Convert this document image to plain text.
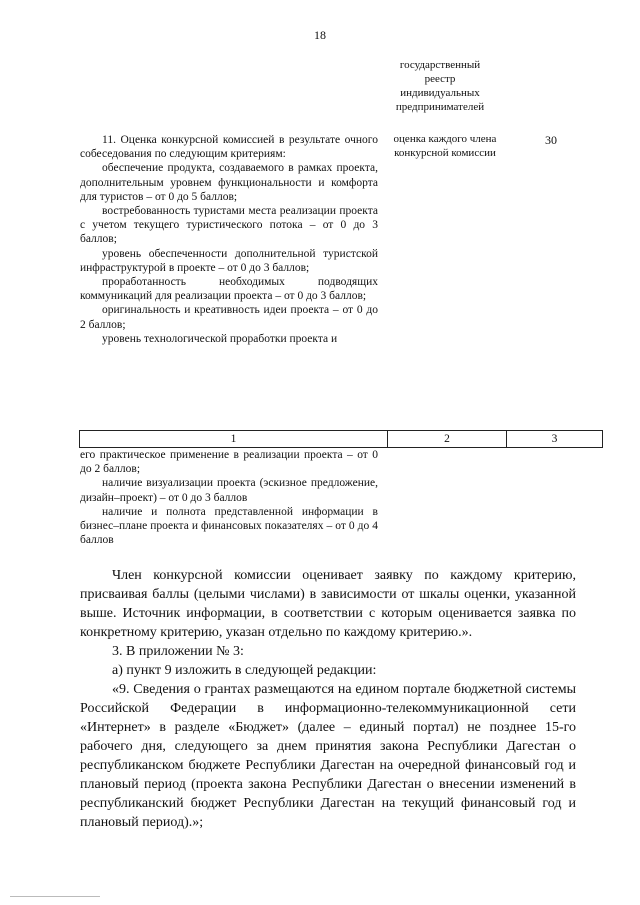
18
государственный
реестр
индивидуальных
предпринимателей

11. Оценка конкурсной комиссией в результате очного собеседования по следующим критериям:

обеспечение продукта, создаваемого в рамках проекта, дополнительным уровнем функциональности и комфорта для туристов – от 0 до 5 баллов;

востребованность туристами места реализации проекта с учетом текущего туристического потока – от 0 до 3 баллов;

уровень обеспеченности дополнительной туристской инфраструктурой в проекте – от 0 до 3 баллов;

проработанность необходимых подводящих коммуникаций для реализации проекта – от 0 до 3 баллов;

оригинальность и креативность идеи проекта – от 0 до 2 баллов;

уровень технологической проработки проекта и

оценка каждого члена конкурсной комиссии
30
1	2	3

его практическое применение в реализации проекта – от 0 до 2 баллов;

наличие визуализации проекта (эскизное предложение, дизайн–проект) – от 0 до 3 баллов

наличие и полнота представленной информации в бизнес–плане проекта и финансовых показателях – от 0 до 4 баллов

Член конкурсной комиссии оценивает заявку по каждому критерию, присваивая баллы (целыми числами) в зависимости от шкалы оценки, указанной выше. Источник информации, в соответствии с которым оценивается заявка по конкретному критерию, указан отдельно по каждому критерию.».

3. В приложении № 3:

а) пункт 9 изложить в следующей редакции:

«9. Сведения о грантах размещаются на едином портале бюджетной системы Российской Федерации в информационно-телекоммуникационной сети «Интернет» в разделе «Бюджет» (далее – единый портал) не позднее 15-го рабочего дня, следующего за днем принятия закона Республики Дагестан о республиканском бюджете Республики Дагестан на очередной финансовый год и плановый период (проекта закона Республики Дагестан о внесении изменений в республиканский бюджет Республики Дагестан на текущий финансовый год и плановый период).»;
